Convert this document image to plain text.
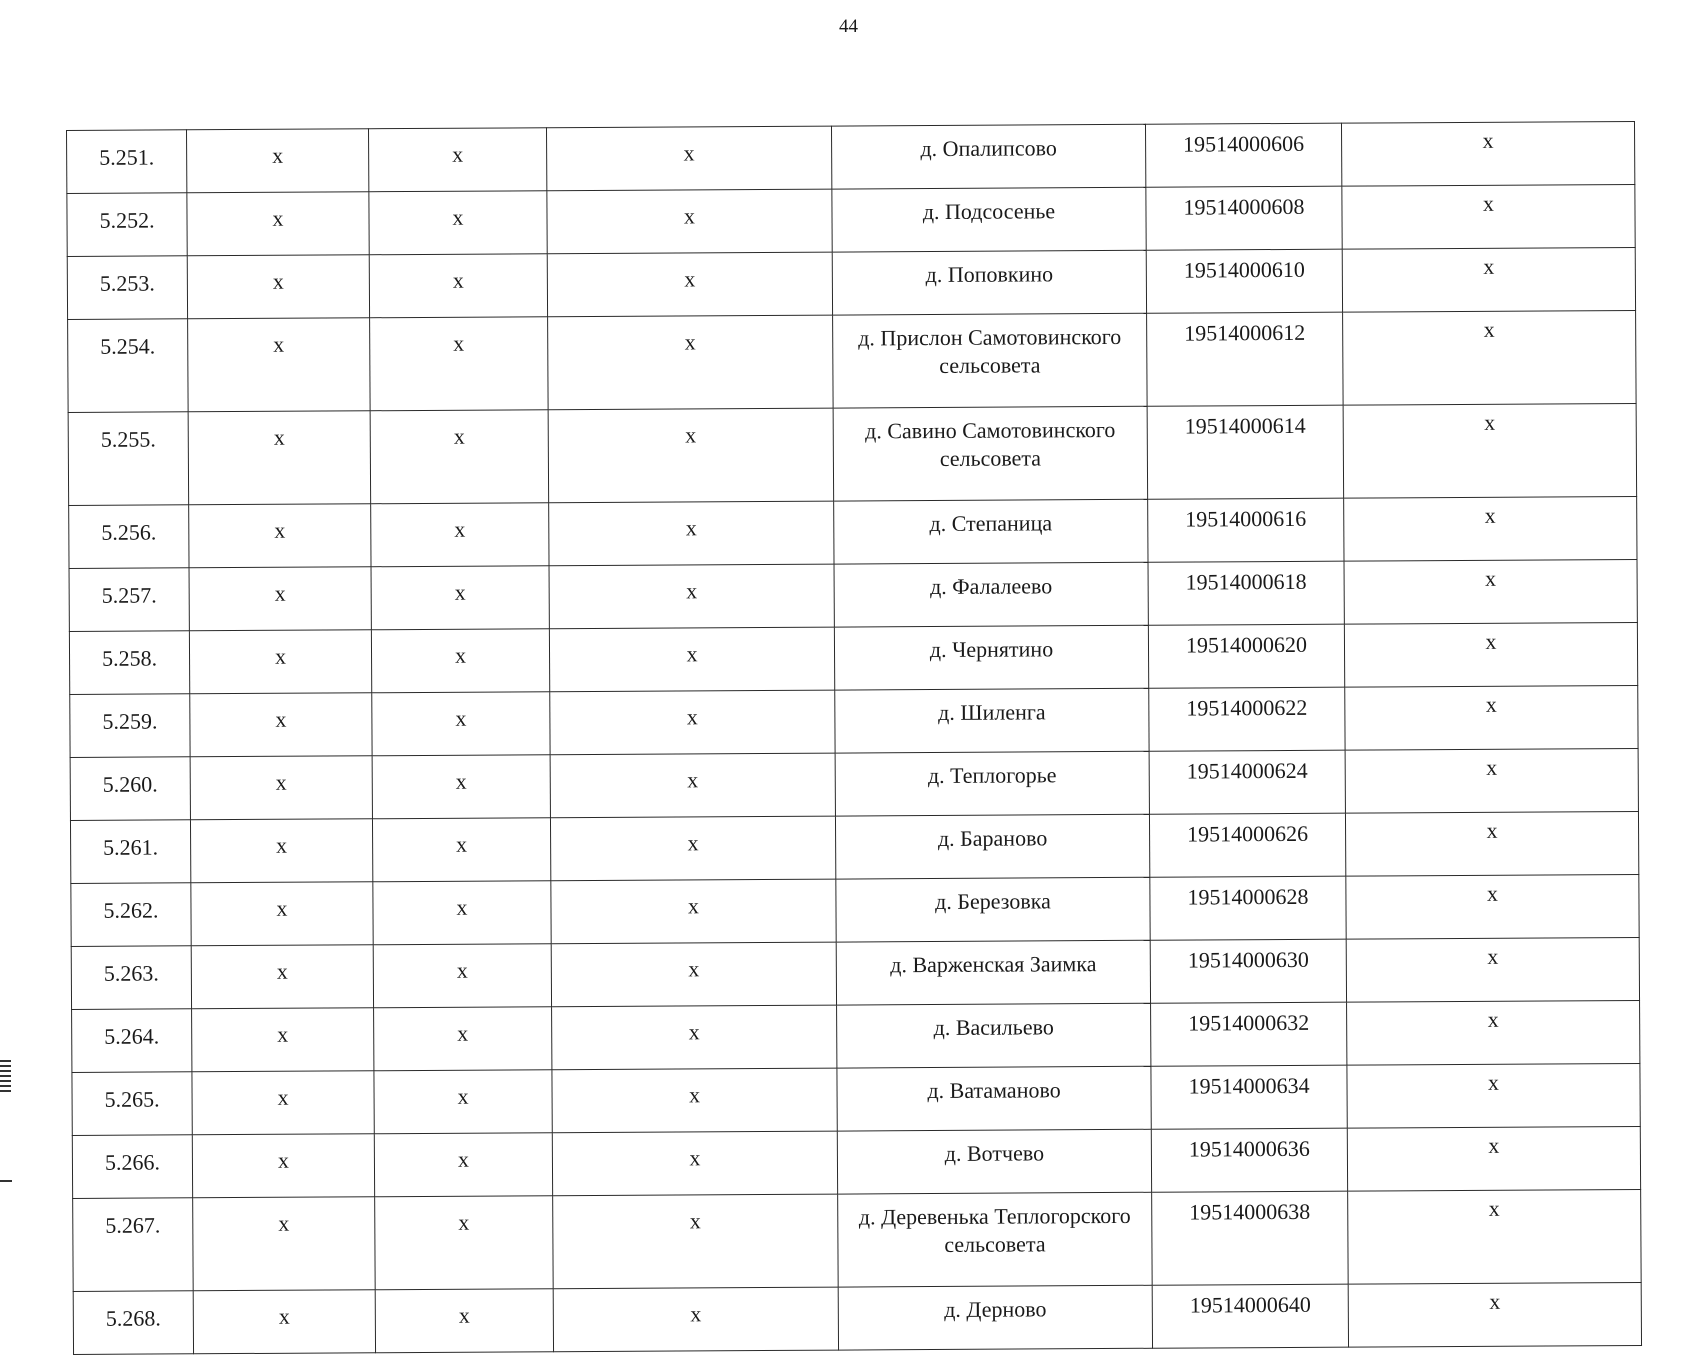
44
5.251.	х	х	х	д. Опалипсово	19514000606	х
5.252.	х	х	х	д. Подсосенье	19514000608	х
5.253.	х	х	х	д. Поповкино	19514000610	х
5.254.	х	х	х	д. Прислон Самотовинского сельсовета	19514000612	х
5.255.	х	х	х	д. Савино Самотовинского сельсовета	19514000614	х
5.256.	х	х	х	д. Степаница	19514000616	х
5.257.	х	х	х	д. Фалалеево	19514000618	х
5.258.	х	х	х	д. Чернятино	19514000620	х
5.259.	х	х	х	д. Шиленга	19514000622	х
5.260.	х	х	х	д. Теплогорье	19514000624	х
5.261.	х	х	х	д. Бараново	19514000626	х
5.262.	х	х	х	д. Березовка	19514000628	х
5.263.	х	х	х	д. Варженская Заимка	19514000630	х
5.264.	х	х	х	д. Васильево	19514000632	х
5.265.	х	х	х	д. Ватаманово	19514000634	х
5.266.	х	х	х	д. Вотчево	19514000636	х
5.267.	х	х	х	д. Деревенька Теплогорского сельсовета	19514000638	х
5.268.	х	х	х	д. Дерново	19514000640	х
